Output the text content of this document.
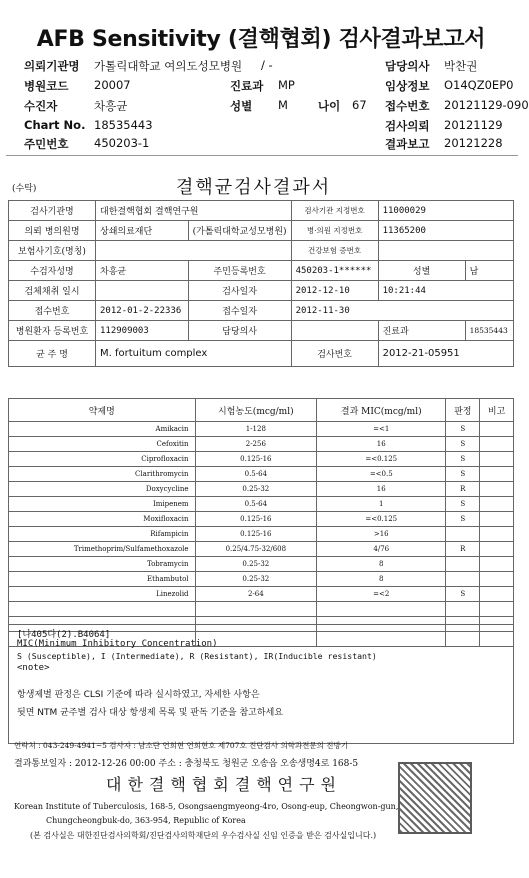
AFB Sensitivity (결핵협회) 검사결과보고서
의뢰기관명 가톨릭대학교 여의도성모병원 / -	담당의사 박찬권
병원코드 20007	진료과 MP	임상정보 O14QZ0EP0
수진자	차흥균	성별 M	나이 67 접수번호 20121129-090
Chart No. 18535443	검사의뢰 20121129
주민번호 450203-1	결과보고 20121228
(수탁)	결핵균검사결과서
검사기관명	대한결핵협회 결핵연구원		검사기관 지정번호	11000029	
의뢰 병의원명	상쇄의료재단	(가톨릭대학교성모병원)	병·의원 지정번호	11365200	
보험사기호(명칭)			건강보험 증번호		
수검자성명	차흥균	주민등록번호	450203-1******	성별	남
검체채취 일시		검사일자	2012-12-10	10:21:44	
접수번호	2012-01-2-22336	접수일자	2012-11-30		
병원환자 등록번호	112909003	담당의사		진료과	18535443
균 주 명	M. fortuitum complex		검사번호	2012-21-05951	
약제명	시험농도(mcg/ml)	결과 MIC(mcg/ml)	판정	비고
Amikacin	1-128	=<1	S	
Cefoxitin	2-256	16	S	
Ciprofloxacin	0.125-16	=<0.125	S	
Clarithromycin	0.5-64	=<0.5	S	
Doxycycline	0.25-32	16	R	
Imipenem	0.5-64	1	S	
Moxifloxacin	0.125-16	=<0.125	S	
Rifampicin	0.125-16	>16		
Trimethoprim/Sulfamethoxazole	0.25/4.75-32/608	4/76	R	
Tobramycin	0.25-32	8		
Ethambutol	0.25-32	8		
Linezolid	2-64	=<2	S	

[나405다(2).B4064]
MIC(Minimum Inhibitory Concentration)
S (Susceptible), I (Intermediate), R (Resistant), IR(Inducible resistant)
<note>
항생제별 판정은 CLSI 기준에 따라 실시하였고, 자세한 사항은
뒷면 NTM 균주별 검사 대상 항생제 목록 및 판독 기준을 참고하세요
연락처 : 043-249-4941~5 검사자 : 남소단 연희현 연희현호 제707호 진단검사 의학과전문의 진방기
결과통보일자 : 2012-12-26 00:00 주소 : 충청북도 청원군 오송읍 오송생명4로 168-5
대한결핵협회결핵연구원
Korean Institute of Tuberculosis, 168-5, Osongsaengmyeong-4ro, Osong-eup, Cheongwon-gun,
Chungcheongbuk-do, 363-954, Republic of Korea
(본 검사실은 대한진단검사의학회/진단검사의학재단의 우수검사실 신임 인증을 받은 검사실입니다.)
